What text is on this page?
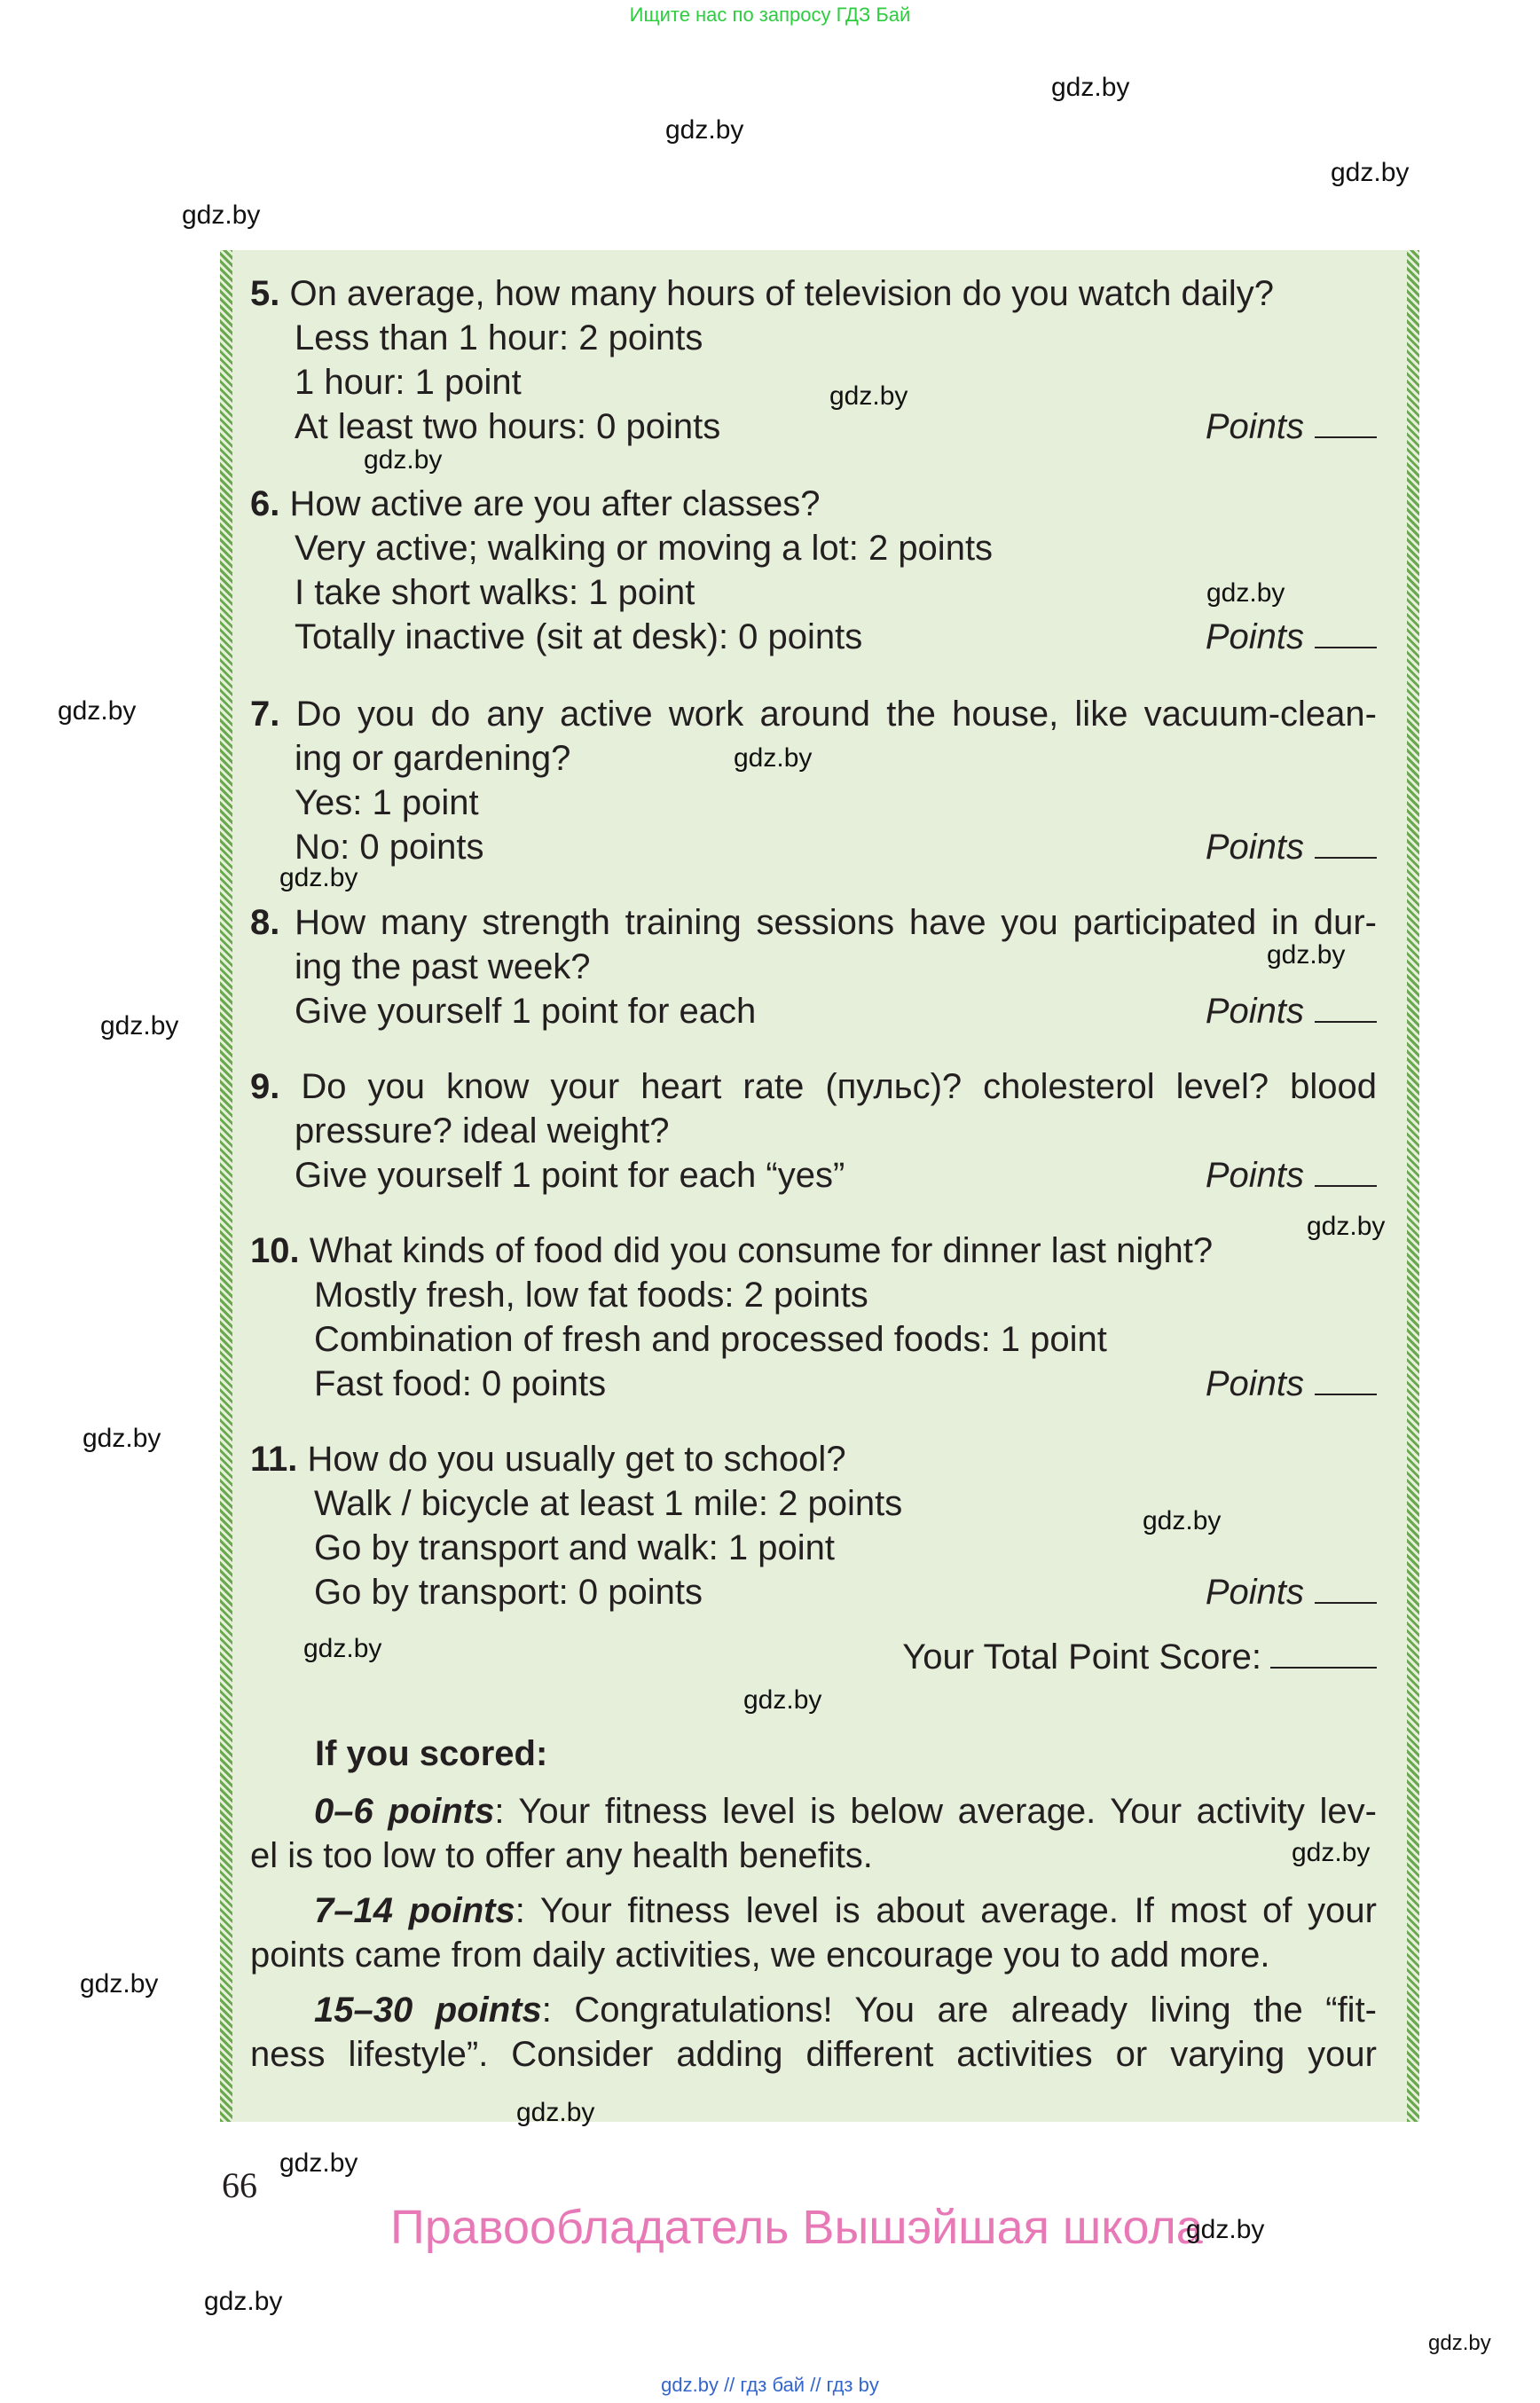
Ищите нас по запросу ГДЗ Бай
gdz.by
gdz.by
gdz.by
gdz.by
5. On average, how many hours of television do you watch daily?
Less than 1 hour: 2 points
1 hour: 1 point
At least two hours: 0 points	Points
gdz.by
gdz.by
6. How active are you after classes?
Very active; walking or moving a lot: 2 points
I take short walks: 1 point
Totally inactive (sit at desk): 0 points	Points
gdz.by
gdz.by	7. Do you do any active work around the house, like vacuum-clean-
ing or gardening?
Yes: 1 point
No: 0 points	Points
gdz.by
gdz.by
8. How many strength training sessions have you participated in dur-
ing the past week?
Give yourself 1 point for each	Points
gdz.by
gdz.by
9. Do you know your heart rate (пульс)? cholesterol level? blood
pressure? ideal weight?
Give yourself 1 point for each “yes”	Points
gdz.by
10. What kinds of food did you consume for dinner last night?
Mostly fresh, low fat foods: 2 points
Combination of fresh and processed foods: 1 point
Fast food: 0 points	Points
gdz.by
11. How do you usually get to school?
Walk / bicycle at least 1 mile: 2 points
Go by transport and walk: 1 point
Go by transport: 0 points	Points
gdz.by
gdz.by	Your Total Point Score:
gdz.by
If you scored:
0–6 points: Your fitness level is below average. Your activity lev-
el is too low to offer any health benefits.	gdz.by
7–14 points: Your fitness level is about average. If most of your
points came from daily activities, we encourage you to add more.
gdz.by
15–30 points: Congratulations! You are already living the “fit-
ness lifestyle”. Consider adding different activities or varying your
gdz.by
gdz.by
66
Правообладатель Вышэйшая школа
gdz.by
gdz.by
gdz.by
gdz.by // гдз бай // гдз by
